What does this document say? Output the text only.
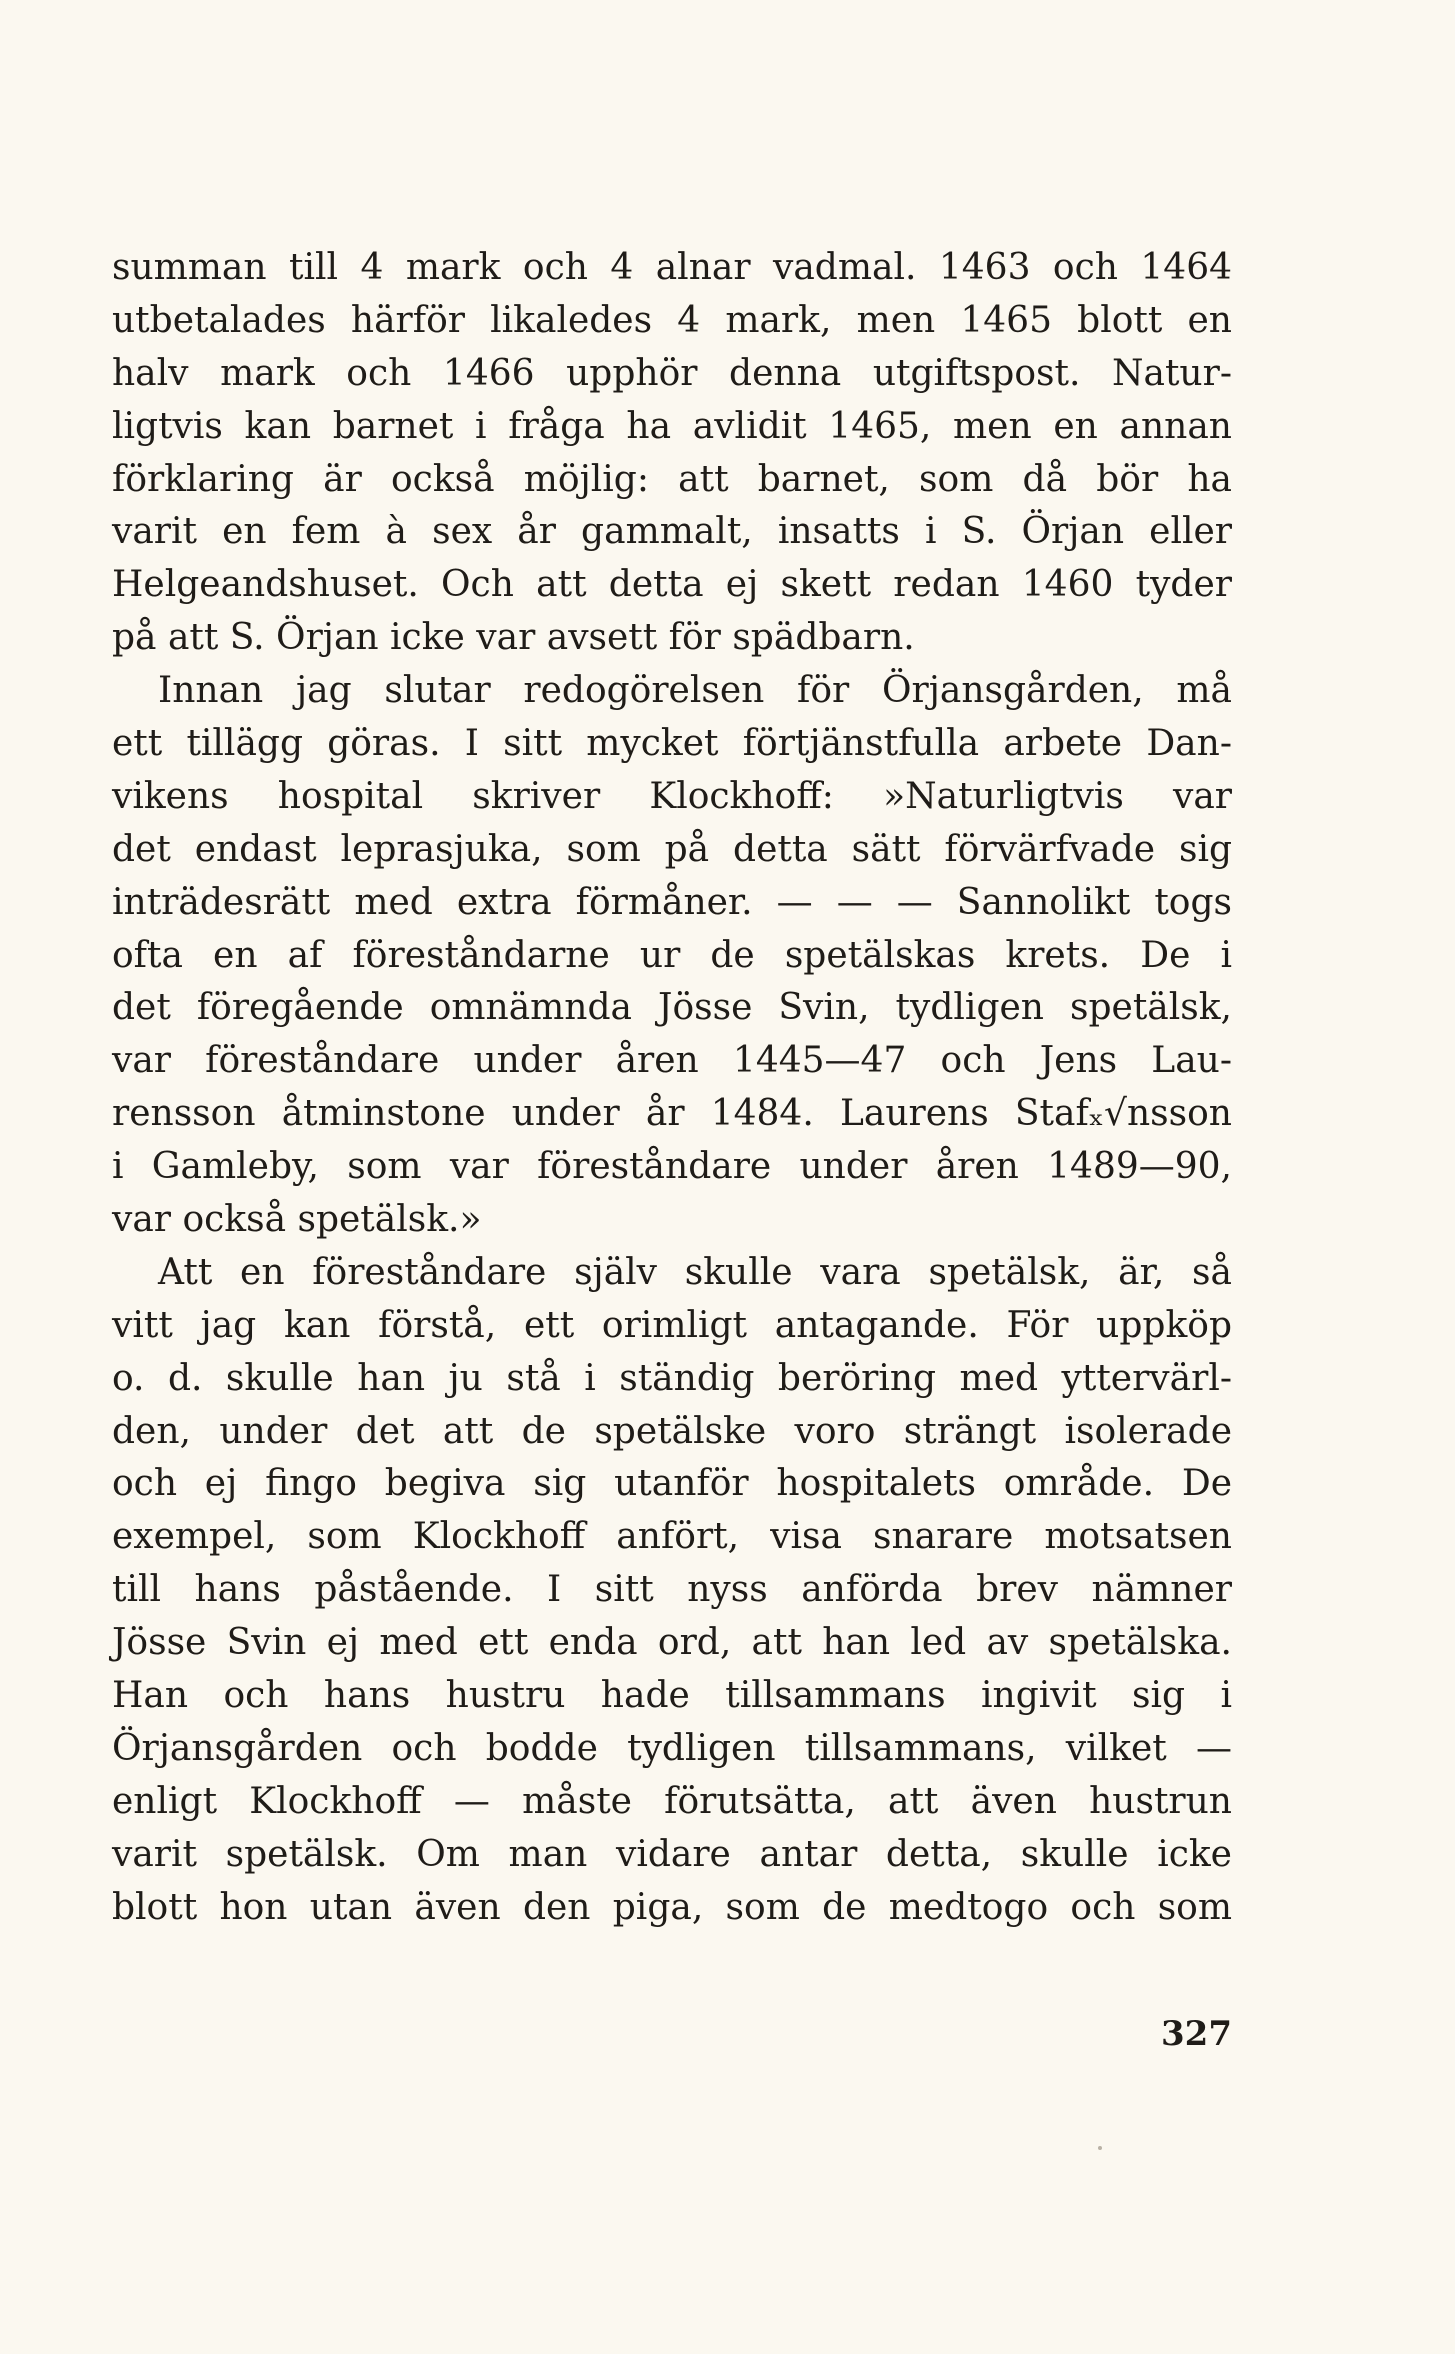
summan till 4 mark och 4 alnar vadmal. 1463 och 1464
utbetalades härför likaledes 4 mark, men 1465 blott en
halv mark och 1466 upphör denna utgiftspost. Natur-
ligtvis kan barnet i fråga ha avlidit 1465, men en annan
förklaring är också möjlig: att barnet, som då bör ha
varit en fem à sex år gammalt, insatts i S. Örjan eller
Helgeandshuset. Och att detta ej skett redan 1460 tyder
på att S. Örjan icke var avsett för spädbarn.
Innan jag slutar redogörelsen för Örjansgården, må
ett tillägg göras. I sitt mycket förtjänstfulla arbete Dan-
vikens hospital skriver Klockhoff: »Naturligtvis var
det endast leprasjuka, som på detta sätt förvärfvade sig
inträdesrätt med extra förmåner. — — — Sannolikt togs
ofta en af föreståndarne ur de spetälskas krets. De i
det föregående omnämnda Jösse Svin, tydligen spetälsk,
var föreståndare under åren 1445—47 och Jens Lau-
rensson åtminstone under år 1484. Laurens Stafₓ√nsson
i Gamleby, som var föreståndare under åren 1489—90,
var också spetälsk.»
Att en föreståndare själv skulle vara spetälsk, är, så
vitt jag kan förstå, ett orimligt antagande. För uppköp
o. d. skulle han ju stå i ständig beröring med yttervärl-
den, under det att de spetälske voro strängt isolerade
och ej fingo begiva sig utanför hospitalets område. De
exempel, som Klockhoff anfört, visa snarare motsatsen
till hans påstående. I sitt nyss anförda brev nämner
Jösse Svin ej med ett enda ord, att han led av spetälska.
Han och hans hustru hade tillsammans ingivit sig i
Örjansgården och bodde tydligen tillsammans, vilket —
enligt Klockhoff — måste förutsätta, att även hustrun
varit spetälsk. Om man vidare antar detta, skulle icke
blott hon utan även den piga, som de medtogo och som
327
